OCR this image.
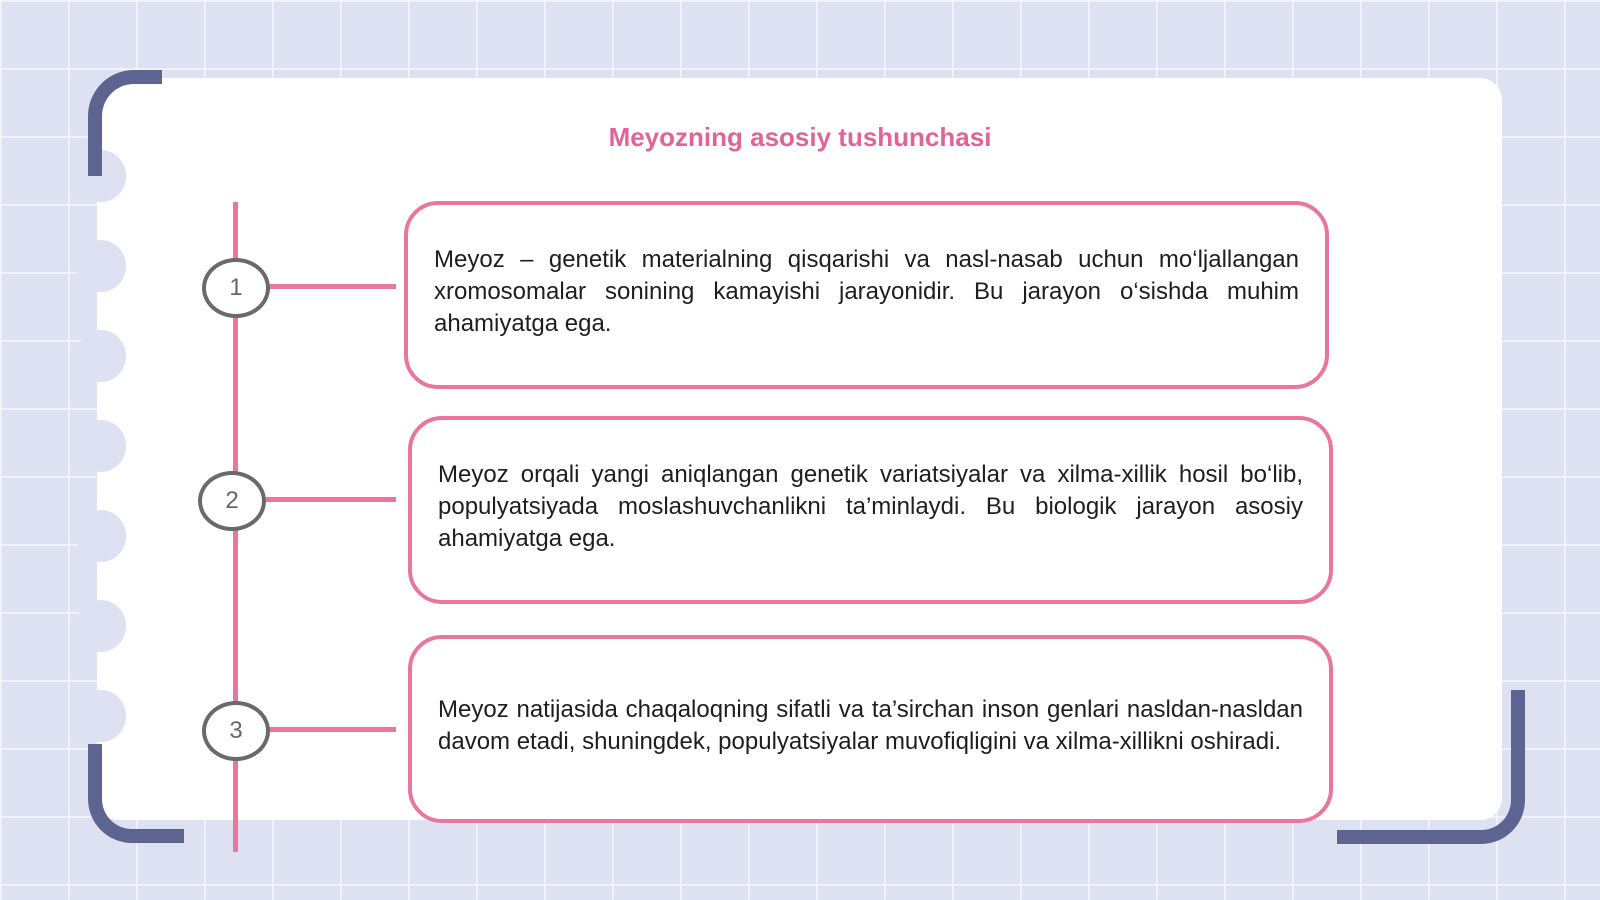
Meyozning asosiy tushunchasi
1
2
3

Meyoz – genetik materialning qisqarishi va nasl-nasab uchun mo‘ljallangan xromosomalar sonining kamayishi jarayonidir. Bu jarayon o‘sishda muhim ahamiyatga ega.

Meyoz orqali yangi aniqlangan genetik variatsiyalar va xilma-xillik hosil bo‘lib, populyatsiyada moslashuvchanlikni ta’minlaydi. Bu biologik jarayon asosiy ahamiyatga ega.

Meyoz natijasida chaqaloqning sifatli va ta’sirchan inson genlari nasldan-nasldan davom etadi, shuningdek, populyatsiyalar muvofiqligini va xilma-xillikni oshiradi.
